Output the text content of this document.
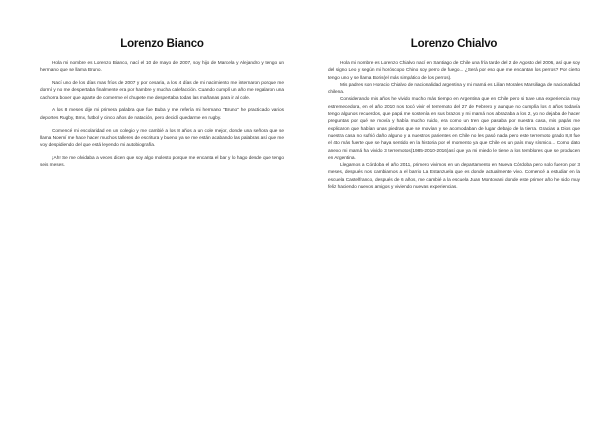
Lorenzo Bianco

Hola mi nombre es Lorenzo Bianco, nací el 10 de mayo de 2007, soy hijo de Marcela y Alejandro y tengo un hermano que se llama Bruno.

Nací uno de los días mas fríos de 2007 y por cesaria, a los 4 días de mi nacimiento me internaron porque me dormí y no me despertaba finalmente era por hambre y mucha calefacción. Cuando cumplí un año me regalaron una cachorra boxer que aparte de comerme el chupete me despertaba todas las mañanas para ir al cole.

A los 8 meses dije mi primera palabra que fue Buba y me refería mi hermano "Bruno" he practicado varios deportes Rugby, Bmx, futbol y cinco años de natación, pero decidí quedarme en rugby.

Comencé mi escolaridad en un colegio y me cambié a los 8 años a un cole mejor, donde una señora que se llama Noemí me hace hacer muchos talleres de escritura y bueno ya se me están acabando las palabras así que me voy despidiendo del que está leyendo mi autobiografía.

¡Ah! Se me olvidaba a veces dicen que soy algo molesto porque me encanta el bar y lo hago desde que tengo seis meses.

Lorenzo Chialvo

Hola mi nombre es Lorenzo Chialvo nací en Santiago de Chile una fría tarde del 2 de Agosto del 2006, así que soy del signo Leo y según mi horóscopo Chino soy perro de fuego... ¿Será por eso que me encantan los perros? Por cierto tengo uno y se llama Boris(el más simpático de los perros).

Mis padres son Horacio Chialvo de nacionalidad argentina y mi mamá es Lilian Morales Marsiliaga de nacionalidad chilena.

Considerando mis años he vivido mucho más tiempo en Argentina que en Chile pero si tuve una experiencia muy estremecedora, en el año 2010 nos tocó vivir el terremoto del 27 de Febrero y aunque no cumplía los 4 años todavía tengo algunos recuerdos, que papá me sostenía en sus brazos y mi mamá nos abrazaba a los 2, yo no dejaba de hacer preguntas por qué se movía y había mucho ruido, era como un tren que pasaba por nuestra casa, mis papás me explicaron que habían unas piedras que se movían y se acomodaban de lugar debajo de la tierra. Gracias a Dios que nuestra casa no sufrió daño alguno y a nuestros parientes en Chile no les pasó nada pero este terremoto grado 8,8 fue el 4to más fuerte que se haya sentido en la historia por el momento ya que Chile es un país muy sísmico... Como dato anexo mi mamá ha vivido 3 terremotos(1985-2010-2016)así que ya mi miedo le tiene a los temblores que se producen en Argentina.

Llegamos a Córdoba el año 2011, primero vivimos en un departamento en Nueva Córdoba pero solo fueron por 3 meses, después nos cambiamos a el barrio La Estanzuela que es donde actualmente vivo. Comencé a estudiar en la escuela Castelfranco, después de 6 años, me cambié a la escuela Juan Montovani donde este primer año he sido muy feliz haciendo nuevos amigos y viviendo nuevas experiencias.
